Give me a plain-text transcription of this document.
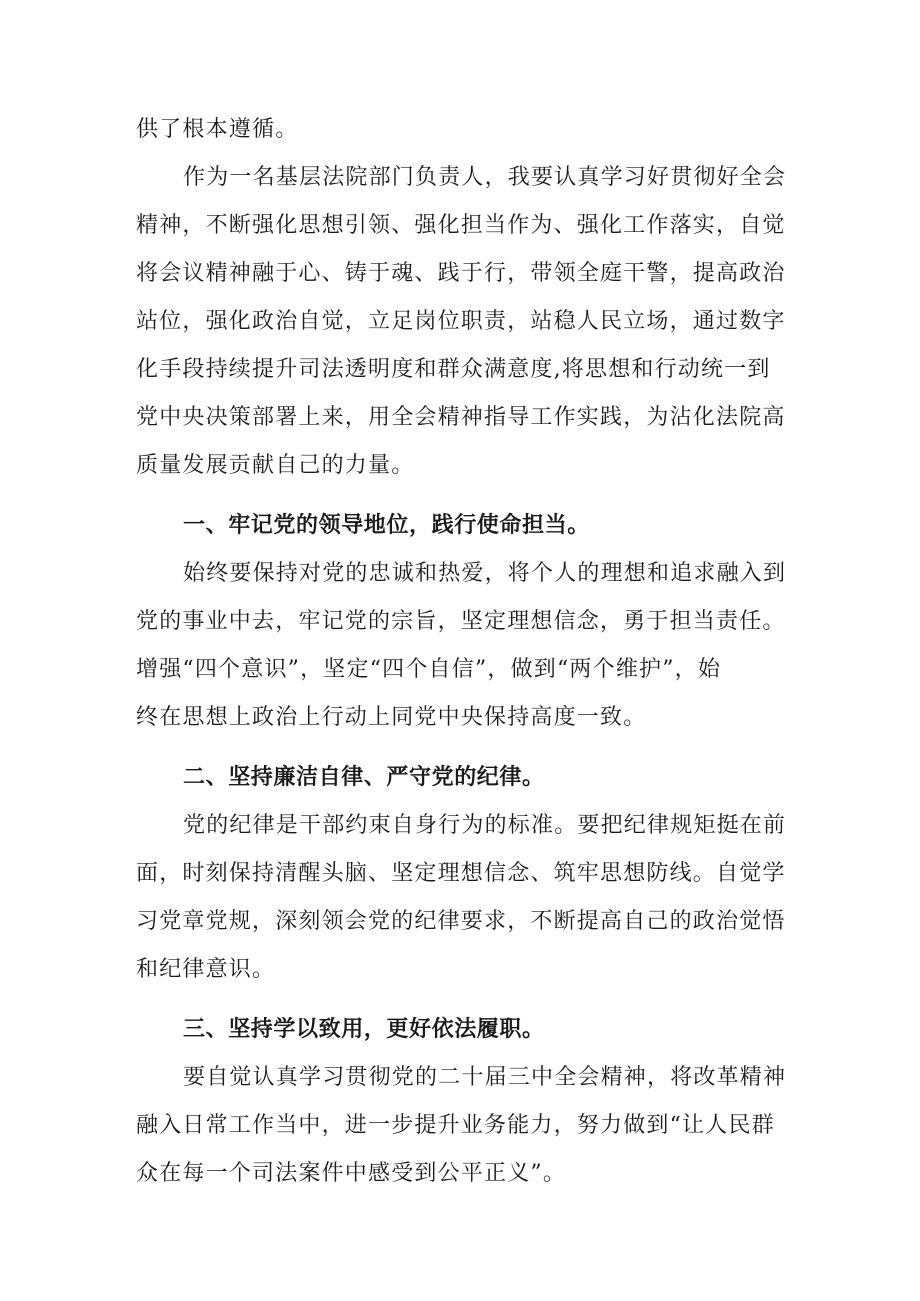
供了根本遵循。
作为一名基层法院部门负责人，我要认真学习好贯彻好全会
精神，不断强化思想引领、强化担当作为、强化工作落实，自觉
将会议精神融于心、铸于魂、践于行，带领全庭干警，提高政治
站位，强化政治自觉，立足岗位职责，站稳人民立场，通过数字
化手段持续提升司法透明度和群众满意度,将思想和行动统一到
党中央决策部署上来，用全会精神指导工作实践，为沾化法院高
质量发展贡献自己的力量。
一、牢记党的领导地位，践行使命担当。
始终要保持对党的忠诚和热爱，将个人的理想和追求融入到
党的事业中去，牢记党的宗旨，坚定理想信念，勇于担当责任。
增强“四个意识”，坚定“四个自信”，做到“两个维护”，始
终在思想上政治上行动上同党中央保持高度一致。
二、坚持廉洁自律、严守党的纪律。
党的纪律是干部约束自身行为的标准。要把纪律规矩挺在前
面，时刻保持清醒头脑、坚定理想信念、筑牢思想防线。自觉学
习党章党规，深刻领会党的纪律要求，不断提高自己的政治觉悟
和纪律意识。
三、坚持学以致用，更好依法履职。
要自觉认真学习贯彻党的二十届三中全会精神，将改革精神
融入日常工作当中，进一步提升业务能力，努力做到“让人民群
众在每一个司法案件中感受到公平正义”。
